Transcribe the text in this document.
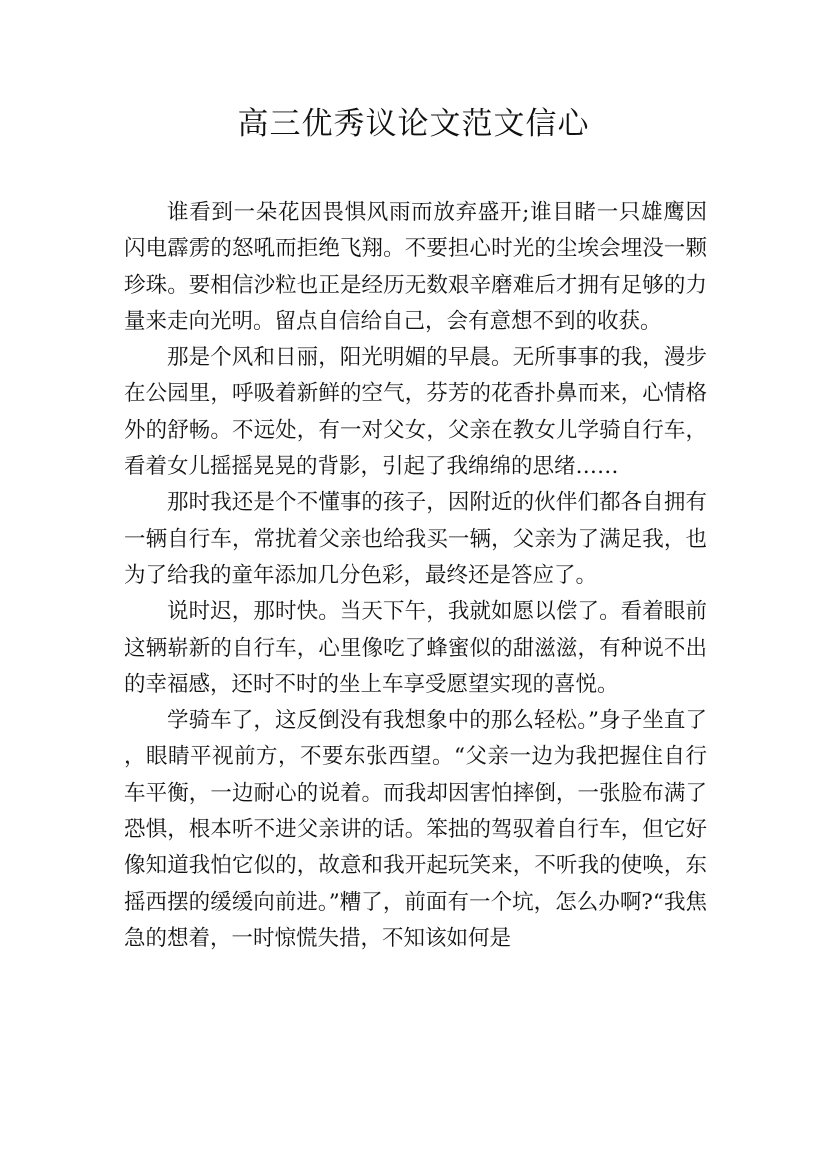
高三优秀议论文范文信心

谁看到一朵花因畏惧风雨而放弃盛开;谁目睹一只雄鹰因闪电霹雳的怒吼而拒绝飞翔。不要担心时光的尘埃会埋没一颗珍珠。要相信沙粒也正是经历无数艰辛磨难后才拥有足够的力量来走向光明。留点自信给自己，会有意想不到的收获。

那是个风和日丽，阳光明媚的早晨。无所事事的我，漫步在公园里，呼吸着新鲜的空气，芬芳的花香扑鼻而来，心情格外的舒畅。不远处，有一对父女，父亲在教女儿学骑自行车，看着女儿摇摇晃晃的背影，引起了我绵绵的思绪……

那时我还是个不懂事的孩子，因附近的伙伴们都各自拥有一辆自行车，常扰着父亲也给我买一辆，父亲为了满足我，也为了给我的童年添加几分色彩，最终还是答应了。

说时迟，那时快。当天下午，我就如愿以偿了。看着眼前这辆崭新的自行车，心里像吃了蜂蜜似的甜滋滋，有种说不出的幸福感，还时不时的坐上车享受愿望实现的喜悦。

学骑车了，这反倒没有我想象中的那么轻松。”身子坐直了，眼睛平视前方，不要东张西望。“父亲一边为我把握住自行车平衡，一边耐心的说着。而我却因害怕摔倒，一张脸布满了恐惧，根本听不进父亲讲的话。笨拙的驾驭着自行车，但它好像知道我怕它似的，故意和我开起玩笑来，不听我的使唤，东摇西摆的缓缓向前进。”糟了，前面有一个坑，怎么办啊?“我焦急的想着，一时惊慌失措，不知该如何是
